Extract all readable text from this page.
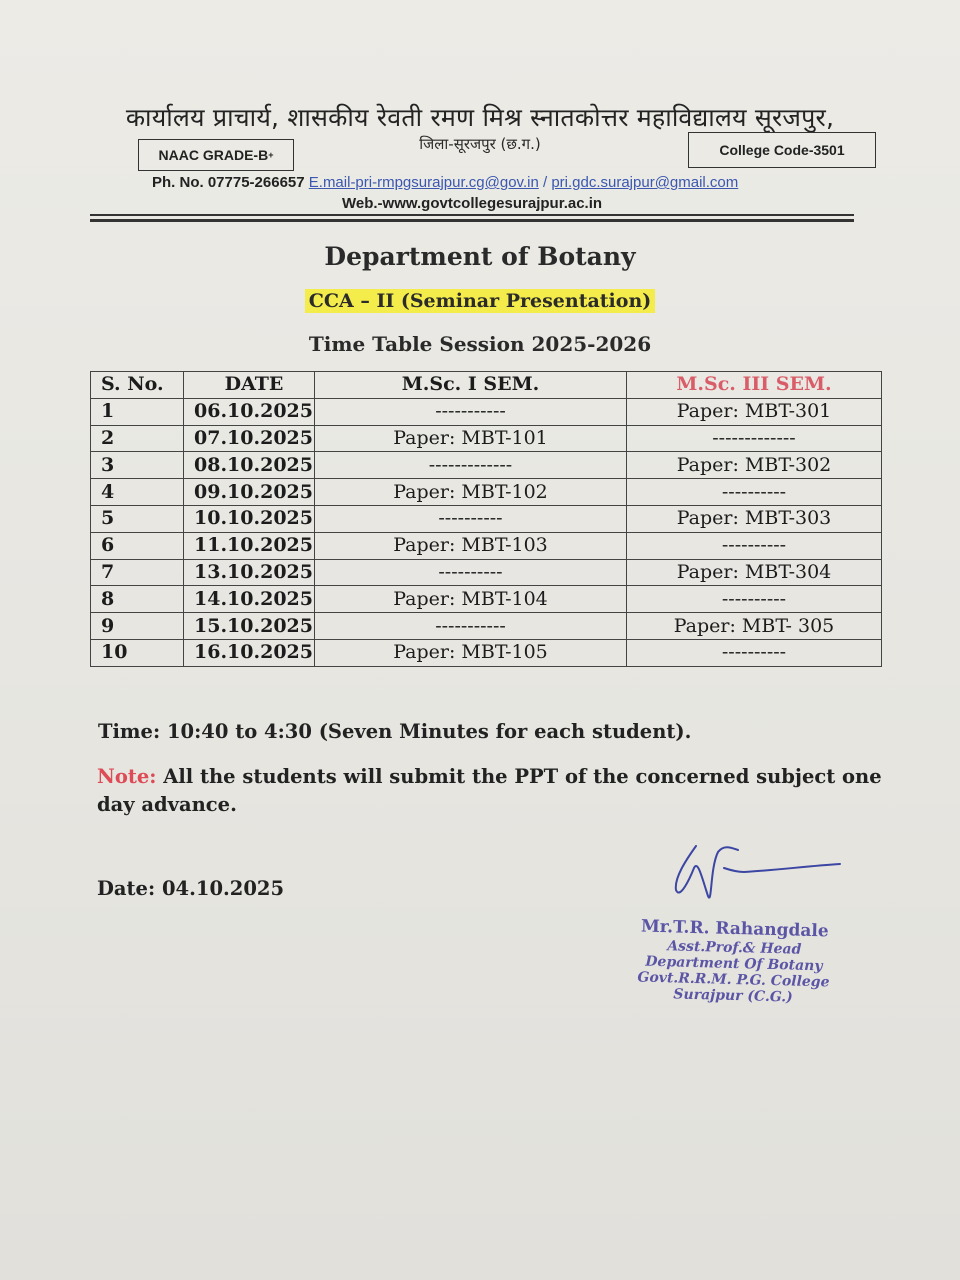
कार्यालय प्राचार्य, शासकीय रेवती रमण मिश्र स्नातकोत्तर महाविद्यालय सूरजपुर,
जिला-सूरजपुर (छ.ग.)
NAAC GRADE-B +	College Code-3501
Ph. No. 07775-266657 E.mail-pri-rmpgsurajpur.cg@gov.in / pri.gdc.surajpur@gmail.com
Web.-www.govtcollegesurajpur.ac.in
Department of Botany
CCA – II (Seminar Presentation)
Time Table Session 2025-2026
S. No.	DATE	M.Sc. I SEM.	M.Sc. III SEM.
1	06.10.2025	-----------	Paper: MBT-301
2	07.10.2025	Paper: MBT-101	-------------
3	08.10.2025	-------------	Paper: MBT-302
4	09.10.2025	Paper: MBT-102	----------
5	10.10.2025	----------	Paper: MBT-303
6	11.10.2025	Paper: MBT-103	----------
7	13.10.2025	----------	Paper: MBT-304
8	14.10.2025	Paper: MBT-104	----------
9	15.10.2025	-----------	Paper: MBT- 305
10	16.10.2025	Paper: MBT-105	----------
Time: 10:40 to 4:30 (Seven Minutes for each student).
Note: All the students will submit the PPT of the concerned subject one day advance.
Date: 04.10.2025
Mr.T.R. Rahangdale
Asst.Prof.& Head
Department Of Botany
Govt.R.R.M. P.G. College
Surajpur (C.G.)
